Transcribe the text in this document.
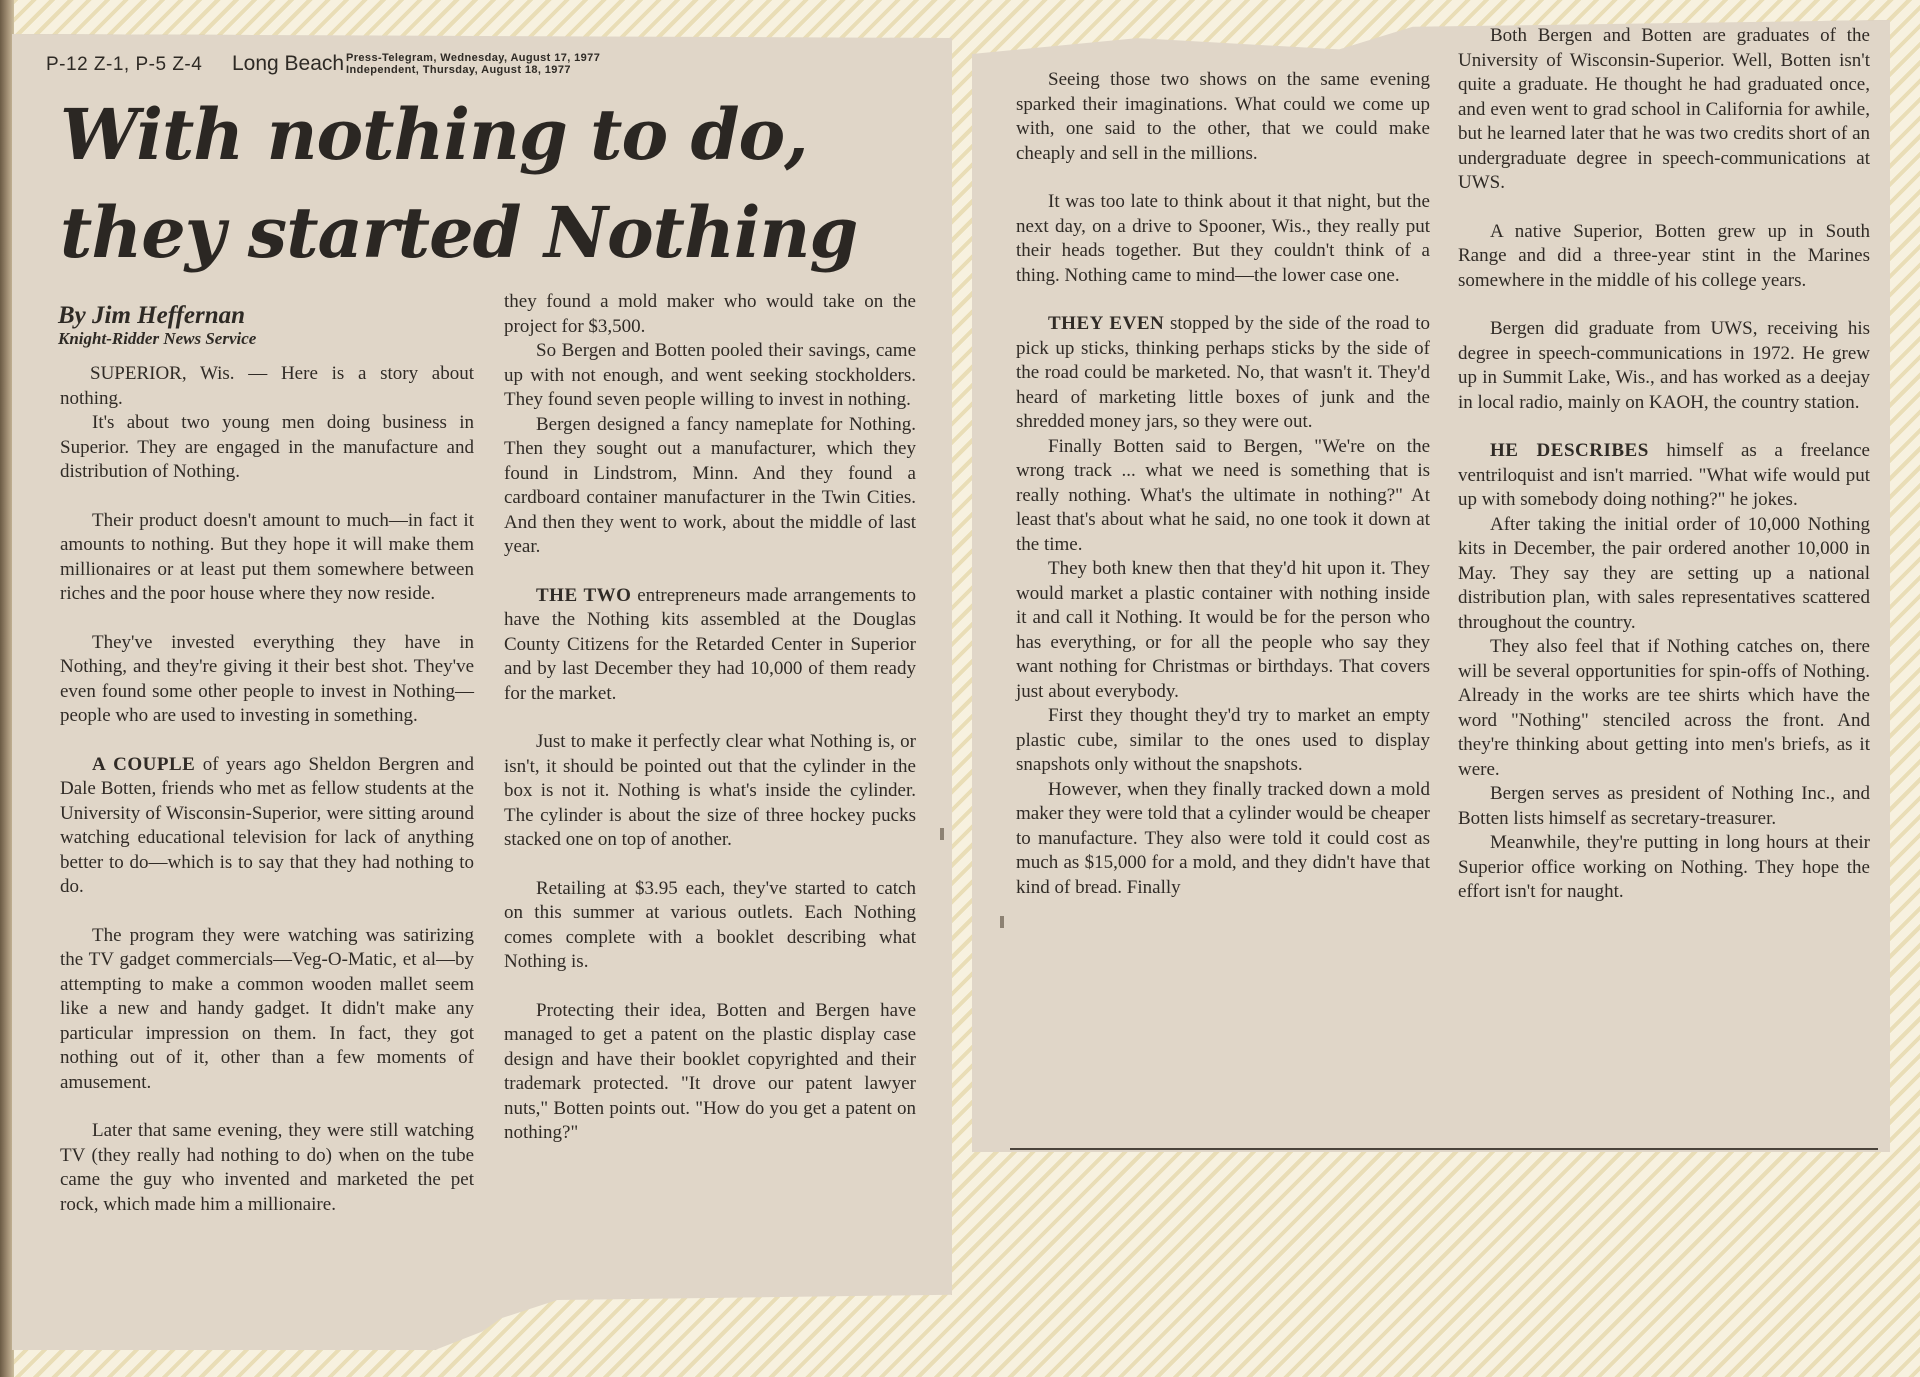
P-12 Z-1, P-5 Z-4 Long Beach Press-Telegram, Wednesday, August 17, 1977
Independent, Thursday, August 18, 1977
With nothing to do,
they started Nothing
By Jim Heffernan
Knight-Ridder News Service

SUPERIOR, Wis. — Here is a story about nothing.

It's about two young men doing business in Superior. They are engaged in the manufacture and distribution of Nothing.

Their product doesn't amount to much—in fact it amounts to nothing. But they hope it will make them millionaires or at least put them somewhere between riches and the poor house where they now reside.

They've invested everything they have in Nothing, and they're giving it their best shot. They've even found some other people to invest in Nothing—people who are used to investing in something.

A COUPLE of years ago Sheldon Bergren and Dale Botten, friends who met as fellow students at the University of Wisconsin-Superior, were sitting around watching educational television for lack of anything better to do—which is to say that they had nothing to do.

The program they were watching was satirizing the TV gadget commercials—Veg-O-Matic, et al—by attempting to make a common wooden mallet seem like a new and handy gadget. It didn't make any particular impression on them. In fact, they got nothing out of it, other than a few moments of amusement.

Later that same evening, they were still watching TV (they really had nothing to do) when on the tube came the guy who invented and marketed the pet rock, which made him a millionaire.

they found a mold maker who would take on the project for $3,500.

So Bergen and Botten pooled their savings, came up with not enough, and went seeking stockholders. They found seven people willing to invest in nothing.

Bergen designed a fancy nameplate for Nothing. Then they sought out a manufacturer, which they found in Lindstrom, Minn. And they found a cardboard container manufacturer in the Twin Cities. And then they went to work, about the middle of last year.

THE TWO entrepreneurs made arrangements to have the Nothing kits assembled at the Douglas County Citizens for the Retarded Center in Superior and by last December they had 10,000 of them ready for the market.

Just to make it perfectly clear what Nothing is, or isn't, it should be pointed out that the cylinder in the box is not it. Nothing is what's inside the cylinder. The cylinder is about the size of three hockey pucks stacked one on top of another.

Retailing at $3.95 each, they've started to catch on this summer at various outlets. Each Nothing comes complete with a booklet describing what Nothing is.

Protecting their idea, Botten and Bergen have managed to get a patent on the plastic display case design and have their booklet copyrighted and their trademark protected. "It drove our patent lawyer nuts," Botten points out. "How do you get a patent on nothing?"

Seeing those two shows on the same evening sparked their imaginations. What could we come up with, one said to the other, that we could make cheaply and sell in the millions.

It was too late to think about it that night, but the next day, on a drive to Spooner, Wis., they really put their heads together. But they couldn't think of a thing. Nothing came to mind—the lower case one.

THEY EVEN stopped by the side of the road to pick up sticks, thinking perhaps sticks by the side of the road could be marketed. No, that wasn't it. They'd heard of marketing little boxes of junk and the shredded money jars, so they were out.

Finally Botten said to Bergen, "We're on the wrong track ... what we need is something that is really nothing. What's the ultimate in nothing?" At least that's about what he said, no one took it down at the time.

They both knew then that they'd hit upon it. They would market a plastic container with nothing inside it and call it Nothing. It would be for the person who has everything, or for all the people who say they want nothing for Christmas or birthdays. That covers just about everybody.

First they thought they'd try to market an empty plastic cube, similar to the ones used to display snapshots only without the snapshots.

However, when they finally tracked down a mold maker they were told that a cylinder would be cheaper to manufacture. They also were told it could cost as much as $15,000 for a mold, and they didn't have that kind of bread. Finally

Both Bergen and Botten are graduates of the University of Wisconsin-Superior. Well, Botten isn't quite a graduate. He thought he had graduated once, and even went to grad school in California for awhile, but he learned later that he was two credits short of an undergraduate degree in speech-communications at UWS.

A native Superior, Botten grew up in South Range and did a three-year stint in the Marines somewhere in the middle of his college years.

Bergen did graduate from UWS, receiving his degree in speech-communications in 1972. He grew up in Summit Lake, Wis., and has worked as a deejay in local radio, mainly on KAOH, the country station.

HE DESCRIBES himself as a freelance ventriloquist and isn't married. "What wife would put up with somebody doing nothing?" he jokes.

After taking the initial order of 10,000 Nothing kits in December, the pair ordered another 10,000 in May. They say they are setting up a national distribution plan, with sales representatives scattered throughout the country.

They also feel that if Nothing catches on, there will be several opportunities for spin-offs of Nothing. Already in the works are tee shirts which have the word "Nothing" stenciled across the front. And they're thinking about getting into men's briefs, as it were.

Bergen serves as president of Nothing Inc., and Botten lists himself as secretary-treasurer.

Meanwhile, they're putting in long hours at their Superior office working on Nothing. They hope the effort isn't for naught.
